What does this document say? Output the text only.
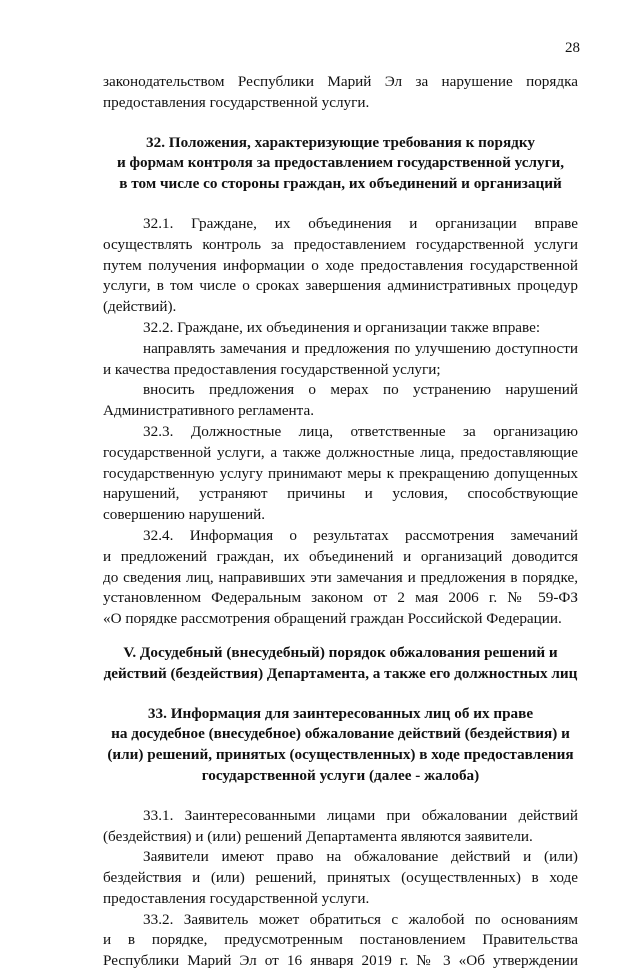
28

законодательством Республики Марий Эл за нарушение порядка

предоставления государственной услуги.

32. Положения, характеризующие требования к порядку

и формам контроля за предоставлением государственной услуги,

в том числе со стороны граждан, их объединений и организаций

32.1. Граждане, их объединения и организации вправе

осуществлять контроль за предоставлением государственной услуги

путем получения информации о ходе предоставления государственной

услуги, в том числе о сроках завершения административных процедур

(действий).

32.2. Граждане, их объединения и организации также вправе:

направлять замечания и предложения по улучшению доступности

и качества предоставления государственной услуги;

вносить предложения о мерах по устранению нарушений

Административного регламента.

32.3. Должностные лица, ответственные за организацию

государственной услуги, а также должностные лица, предоставляющие

государственную услугу принимают меры к прекращению допущенных

нарушений, устраняют причины и условия, способствующие

совершению нарушений.

32.4. Информация о результатах рассмотрения замечаний

и предложений граждан, их объединений и организаций доводится

до сведения лиц, направивших эти замечания и предложения в порядке,

установленном Федеральным законом от 2 мая 2006 г. № 59-ФЗ

«О порядке рассмотрения обращений граждан Российской Федерации.

V. Досудебный (внесудебный) порядок обжалования решений и

действий (бездействия) Департамента, а также его должностных лиц

33. Информация для заинтересованных лиц об их праве

на досудебное (внесудебное) обжалование действий (бездействия) и

(или) решений, принятых (осуществленных) в ходе предоставления

государственной услуги (далее - жалоба)

33.1. Заинтересованными лицами при обжаловании действий

(бездействия) и (или) решений Департамента являются заявители.

Заявители имеют право на обжалование действий и (или)

бездействия и (или) решений, принятых (осуществленных) в ходе

предоставления государственной услуги.

33.2. Заявитель может обратиться с жалобой по основаниям

и в порядке, предусмотренным постановлением Правительства

Республики Марий Эл от 16 января 2019 г. № 3 «Об утверждении
